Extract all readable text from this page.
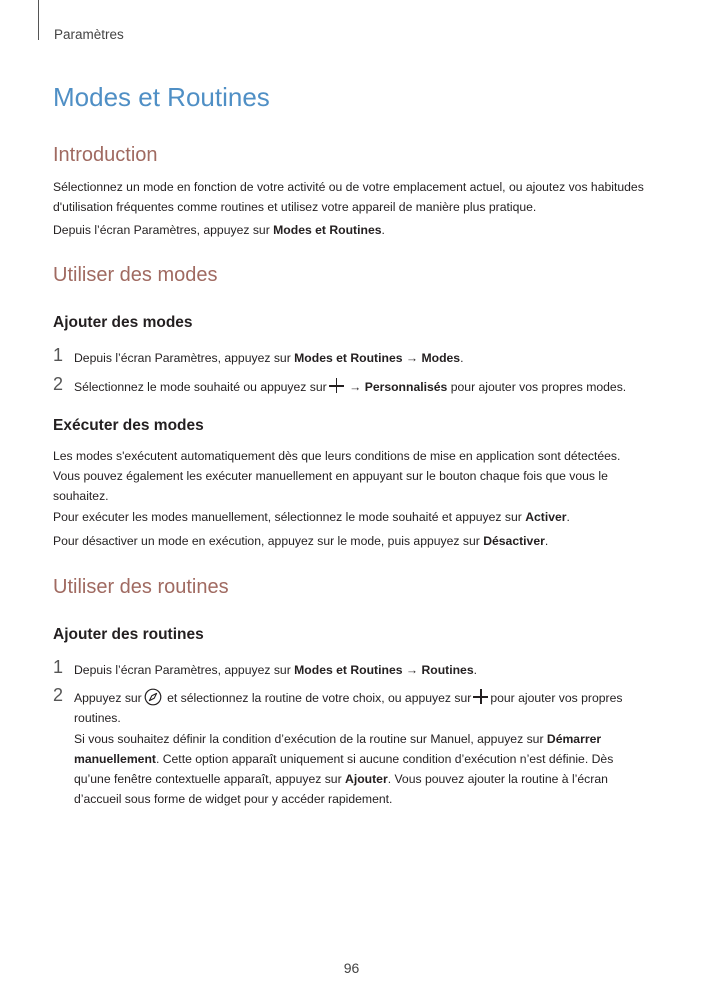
Paramètres
Modes et Routines
Introduction

Sélectionnez un mode en fonction de votre activité ou de votre emplacement actuel, ou ajoutez vos habitudes d'utilisation fréquentes comme routines et utilisez votre appareil de manière plus pratique.

Depuis l’écran Paramètres, appuyez sur Modes et Routines.

Utiliser des modes
Ajouter des modes
1 Depuis l’écran Paramètres, appuyez sur Modes et Routines → Modes.

2 Sélectionnez le mode souhaité ou appuyez sur → Personnalisés pour ajouter vos propres modes.

Exécuter des modes

Les modes s'exécutent automatiquement dès que leurs conditions de mise en application sont détectées. Vous pouvez également les exécuter manuellement en appuyant sur le bouton chaque fois que vous le souhaitez.

Pour exécuter les modes manuellement, sélectionnez le mode souhaité et appuyez sur Activer.

Pour désactiver un mode en exécution, appuyez sur le mode, puis appuyez sur Désactiver.

Utiliser des routines
Ajouter des routines
1 Depuis l’écran Paramètres, appuyez sur Modes et Routines → Routines.

2 Appuyez sur et sélectionnez la routine de votre choix, ou appuyez sur pour ajouter vos propres routines.

Si vous souhaitez définir la condition d’exécution de la routine sur Manuel, appuyez sur Démarrer manuellement. Cette option apparaît uniquement si aucune condition d’exécution n’est définie. Dès qu’une fenêtre contextuelle apparaît, appuyez sur Ajouter. Vous pouvez ajouter la routine à l’écran d’accueil sous forme de widget pour y accéder rapidement.

96
